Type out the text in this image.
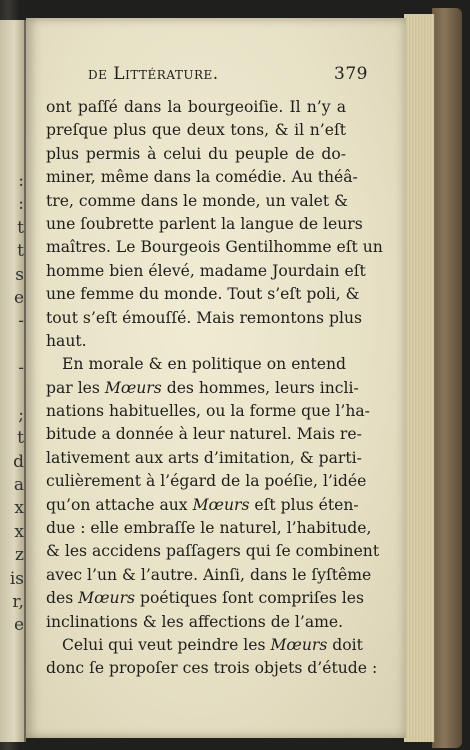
:
:
t
t
s
e
-
-
;
t
d
a
x
x
z
is
r,
e
de Littérature.	379
ont paſſé dans la bourgeoiſie. Il n’y a
preſque plus que deux tons, & il n’eſt
plus permis à celui du peuple de do-
miner, même dans la comédie. Au théâ-
tre, comme dans le monde, un valet &
une ſoubrette parlent la langue de leurs
maîtres. Le Bourgeois Gentilhomme eſt un
homme bien élevé, madame Jourdain eſt
une femme du monde. Tout s’eſt poli, &
tout s’eſt émouſſé. Mais remontons plus
haut.
En morale & en politique on entend
par les Mœurs des hommes, leurs incli-
nations habituelles, ou la forme que l’ha-
bitude a donnée à leur naturel. Mais re-
lativement aux arts d’imitation, & parti-
culièrement à l’égard de la poéſie, l’idée
qu’on attache aux Mœurs eſt plus éten-
due : elle embraſſe le naturel, l’habitude,
& les accidens paſſagers qui ſe combinent
avec l’un & l’autre. Ainſi, dans le ſyſtême
des Mœurs poétiques ſont compriſes les
inclinations & les affections de l’ame.
Celui qui veut peindre les Mœurs doit
donc ſe propoſer ces trois objets d’étude :
